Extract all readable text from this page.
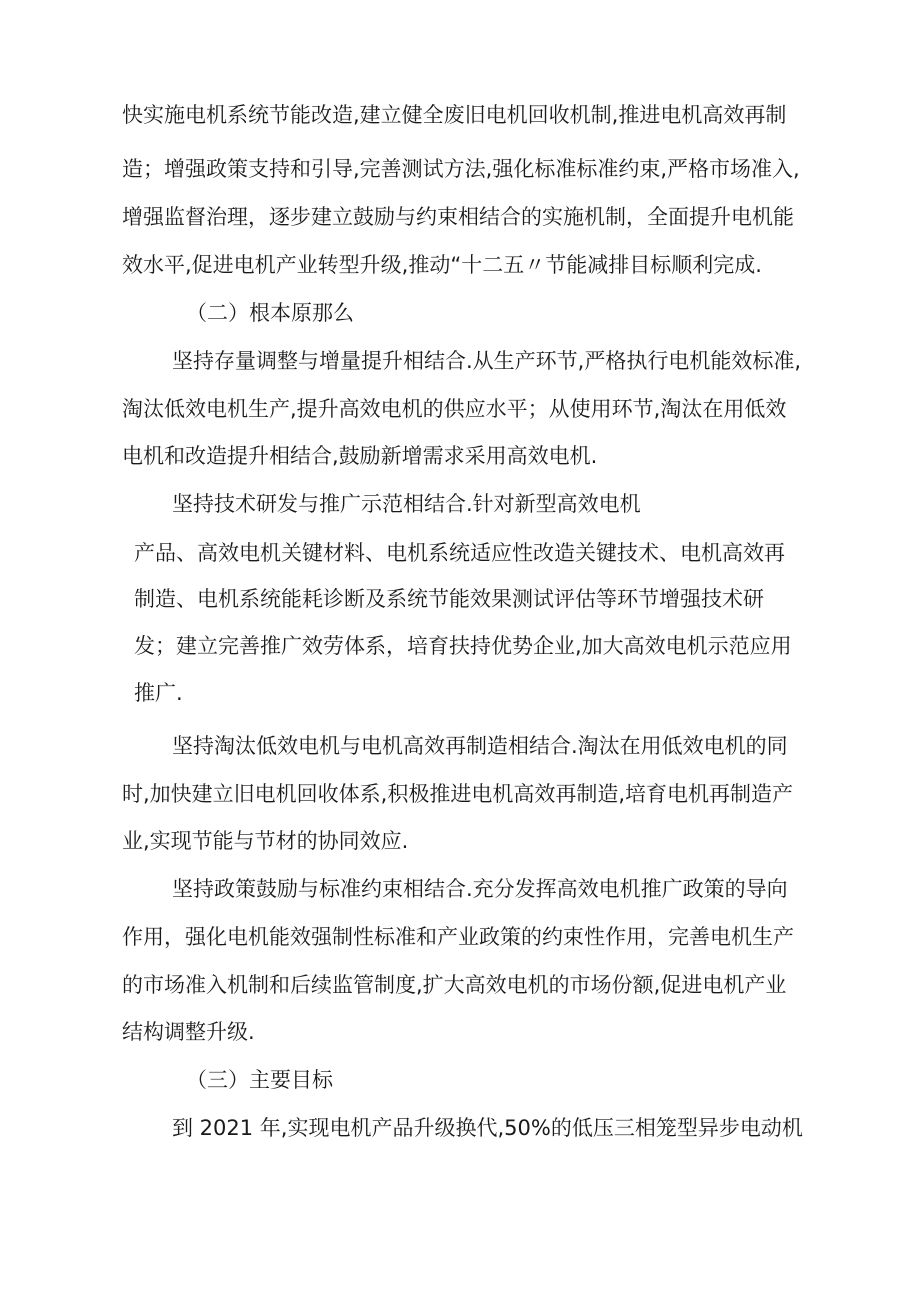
快实施电机系统节能改造,建立健全废旧电机回收机制,推进电机高效再制

造；增强政策支持和引导,完善测试方法,强化标准标准约束,严格市场准入,

增强监督治理，逐步建立鼓励与约束相结合的实施机制，全面提升电机能

效水平,促进电机产业转型升级,推动“十二五〃节能减排目标顺利完成.

（二）根本原那么

坚持存量调整与增量提升相结合.从生产环节,严格执行电机能效标准,

淘汰低效电机生产,提升高效电机的供应水平；从使用环节,淘汰在用低效

电机和改造提升相结合,鼓励新增需求采用高效电机.

坚持技术研发与推广示范相结合.针对新型高效电机

产品、高效电机关键材料、电机系统适应性改造关键技术、电机高效再

制造、电机系统能耗诊断及系统节能效果测试评估等环节增强技术研

发；建立完善推广效劳体系，培育扶持优势企业,加大高效电机示范应用

推广.

坚持淘汰低效电机与电机高效再制造相结合.淘汰在用低效电机的同

时,加快建立旧电机回收体系,积极推进电机高效再制造,培育电机再制造产

业,实现节能与节材的协同效应.

坚持政策鼓励与标准约束相结合.充分发挥高效电机推广政策的导向

作用，强化电机能效强制性标准和产业政策的约束性作用，完善电机生产

的市场准入机制和后续监管制度,扩大高效电机的市场份额,促进电机产业

结构调整升级.

（三）主要目标

到 2021 年,实现电机产品升级换代,50%的低压三相笼型异步电动机
